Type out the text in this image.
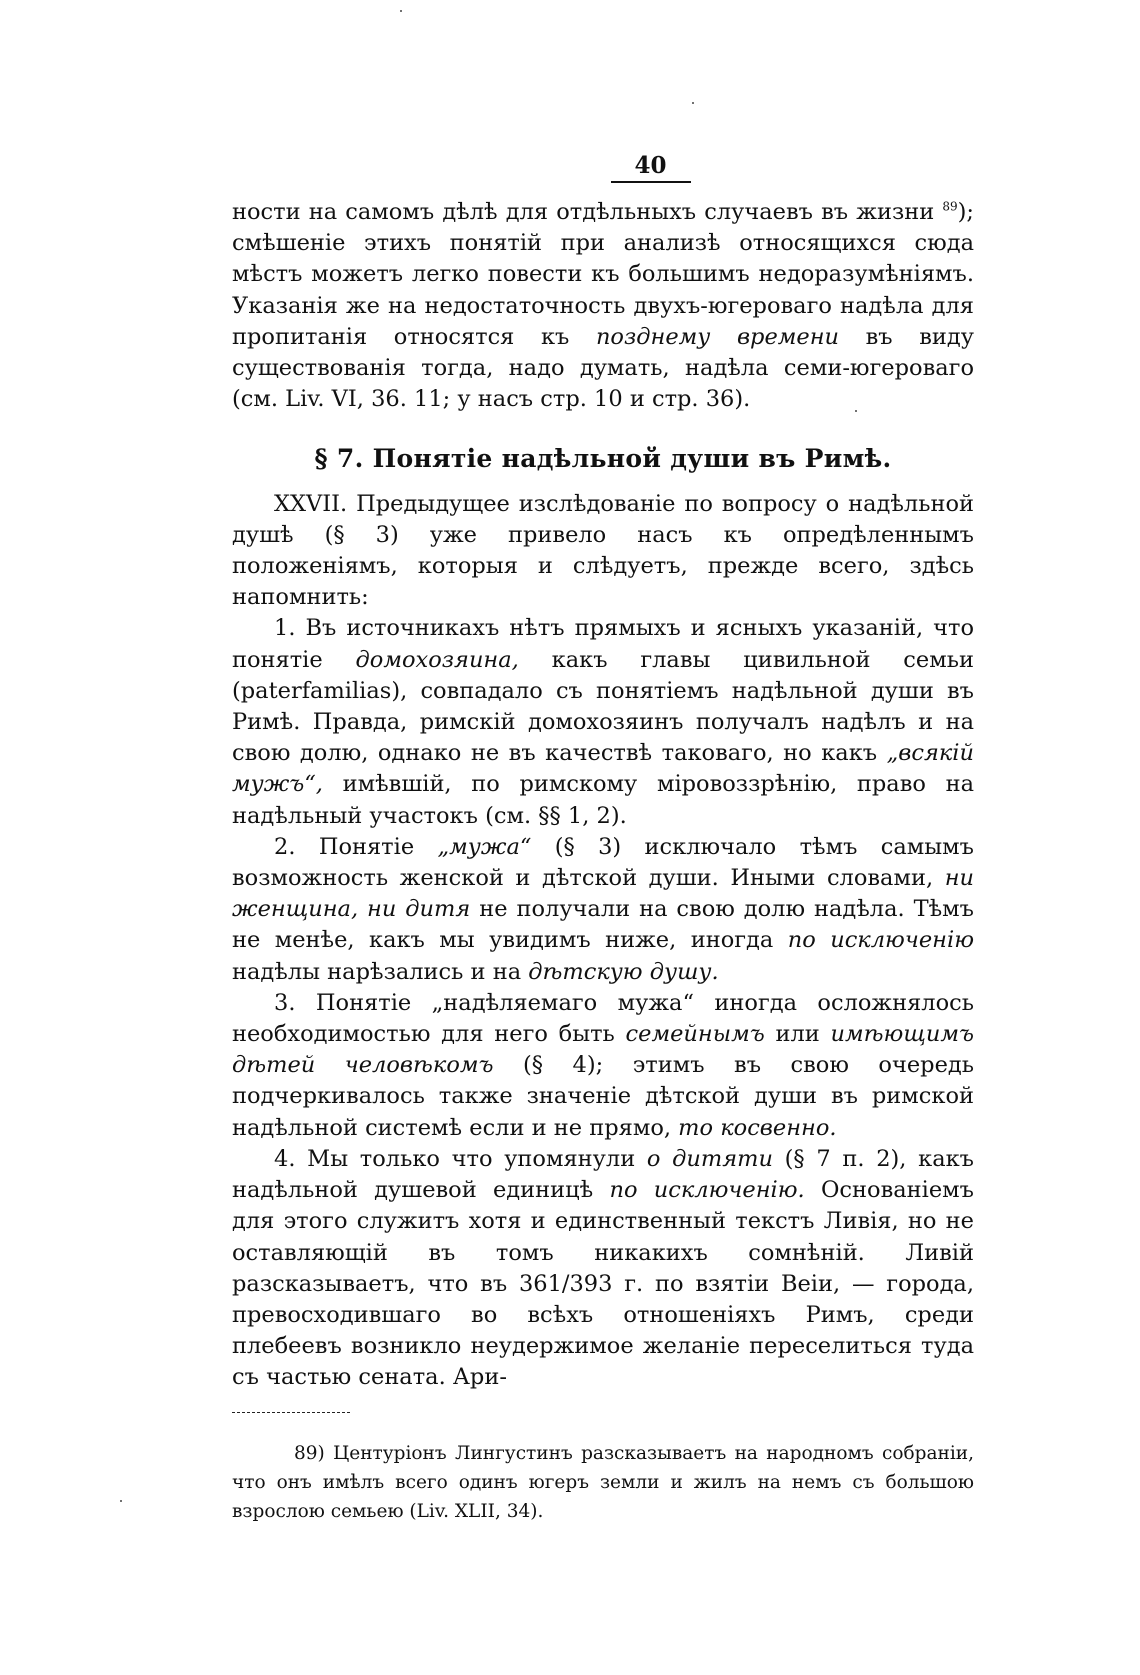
40

ности на самомъ дѣлѣ для отдѣльныхъ случаевъ въ жизни $^{89}$); смѣшеніе этихъ понятій при анализѣ относящихся сюда мѣстъ можетъ легко повести къ большимъ недоразумѣніямъ. Указанія же на недостаточность двухъ-югероваго надѣла для пропитанія относятся къ позднему времени въ виду существованія тогда, надо думать, надѣла семи-югероваго (см. Liv. VI, 36. 11; у насъ стр. 10 и стр. 36).

§ 7. Понятіе надѣльной души въ Римѣ.

XXVII. Предыдущее изслѣдованіе по вопросу о надѣльной душѣ (§ 3) уже привело насъ къ опредѣленнымъ положеніямъ, которыя и слѣдуетъ, прежде всего, здѣсь напомнить:

1. Въ источникахъ нѣтъ прямыхъ и ясныхъ указаній, что понятіе домохозяина, какъ главы цивильной семьи (paterfamilias), совпадало съ понятіемъ надѣльной души въ Римѣ. Правда, римскій домохозяинъ получалъ надѣлъ и на свою долю, однако не въ качествѣ таковаго, но какъ „всякій мужъ“, имѣвшій, по римскому міровоззрѣнію, право на надѣльный участокъ (см. §§ 1, 2).

2. Понятіе „мужа“ (§ 3) исключало тѣмъ самымъ возможность женской и дѣтской души. Иными словами, ни женщина, ни дитя не получали на свою долю надѣла. Тѣмъ не менѣе, какъ мы увидимъ ниже, иногда по исключенію надѣлы нарѣзались и на дѣтскую душу.

3. Понятіе „надѣляемаго мужа“ иногда осложнялось необходимостью для него быть семейнымъ или имѣющимъ дѣтей человѣкомъ (§ 4); этимъ въ свою очередь подчеркивалось также значеніе дѣтской души въ римской надѣльной системѣ если и не прямо, то косвенно.

4. Мы только что упомянули о дитяти (§ 7 п. 2), какъ надѣльной душевой единицѣ по исключенію. Основаніемъ для этого служитъ хотя и единственный текстъ Ливія, но не оставляющій въ томъ никакихъ сомнѣній. Ливій разсказываетъ, что въ 361/393 г. по взятіи Веіи, — города, превосходившаго во всѣхъ отношеніяхъ Римъ, среди плебеевъ возникло неудержимое желаніе переселиться туда съ частью сената. Ари-

89) Центуріонъ Лингустинъ разсказываетъ на народномъ собраніи, что онъ имѣлъ всего одинъ югеръ земли и жилъ на немъ съ большою взрослою семьею (Liv. XLII, 34).
